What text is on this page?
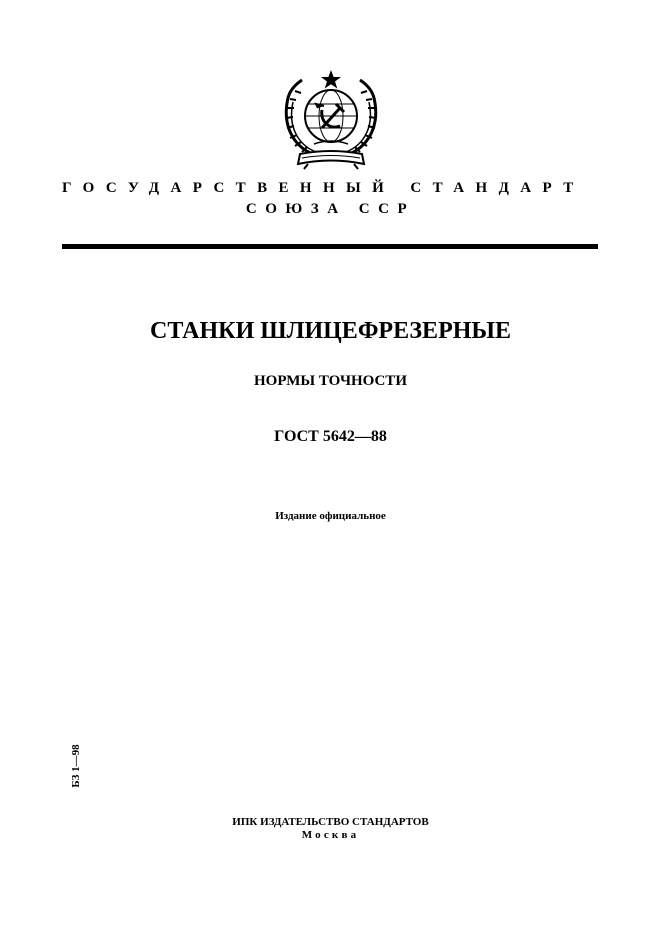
ГОСУДАРСТВЕННЫЙ СТАНДАРТ
СОЮЗА ССР
СТАНКИ ШЛИЦЕФРЕЗЕРНЫЕ
НОРМЫ ТОЧНОСТИ
ГОСТ 5642—88
Издание официальное
БЗ 1—98
ИПК ИЗДАТЕЛЬСТВО СТАНДАРТОВ
Москва
